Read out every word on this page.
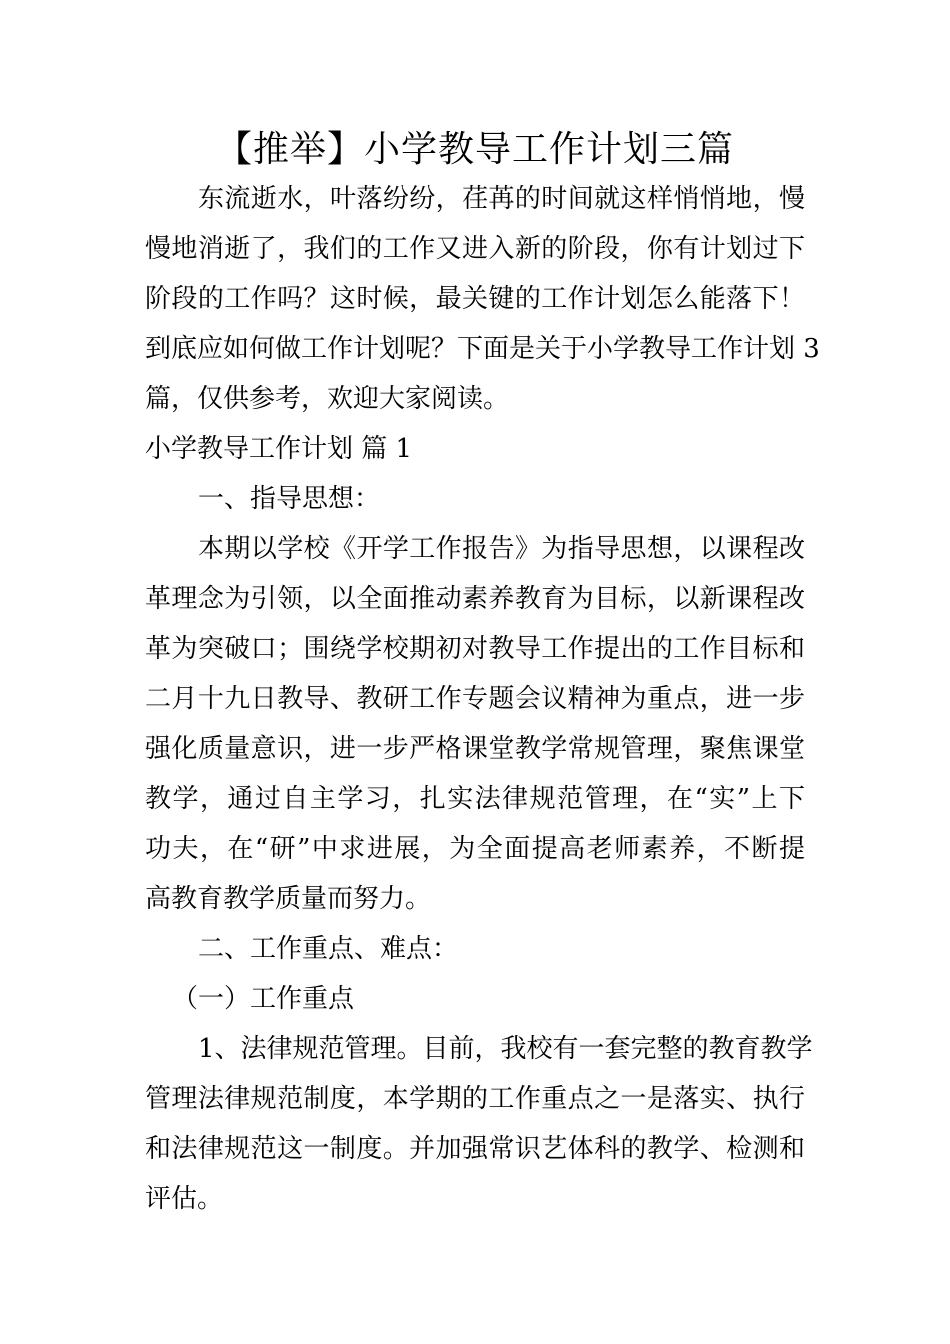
【推举】小学教导工作计划三篇
东流逝水，叶落纷纷，荏苒的时间就这样悄悄地，慢
慢地消逝了，我们的工作又进入新的阶段，你有计划过下
阶段的工作吗？这时候，最关键的工作计划怎么能落下！
到底应如何做工作计划呢？下面是关于小学教导工作计划 3
篇，仅供参考，欢迎大家阅读。
小学教导工作计划 篇 1
一、指导思想：
本期以学校《开学工作报告》为指导思想，以课程改
革理念为引领，以全面推动素养教育为目标，以新课程改
革为突破口；围绕学校期初对教导工作提出的工作目标和
二月十九日教导、教研工作专题会议精神为重点，进一步
强化质量意识，进一步严格课堂教学常规管理，聚焦课堂
教学，通过自主学习，扎实法律规范管理，在“实”上下
功夫，在“研”中求进展，为全面提高老师素养，不断提
高教育教学质量而努力。
二、工作重点、难点：
（一）工作重点
1、法律规范管理。目前，我校有一套完整的教育教学
管理法律规范制度，本学期的工作重点之一是落实、执行
和法律规范这一制度。并加强常识艺体科的教学、检测和
评估。
